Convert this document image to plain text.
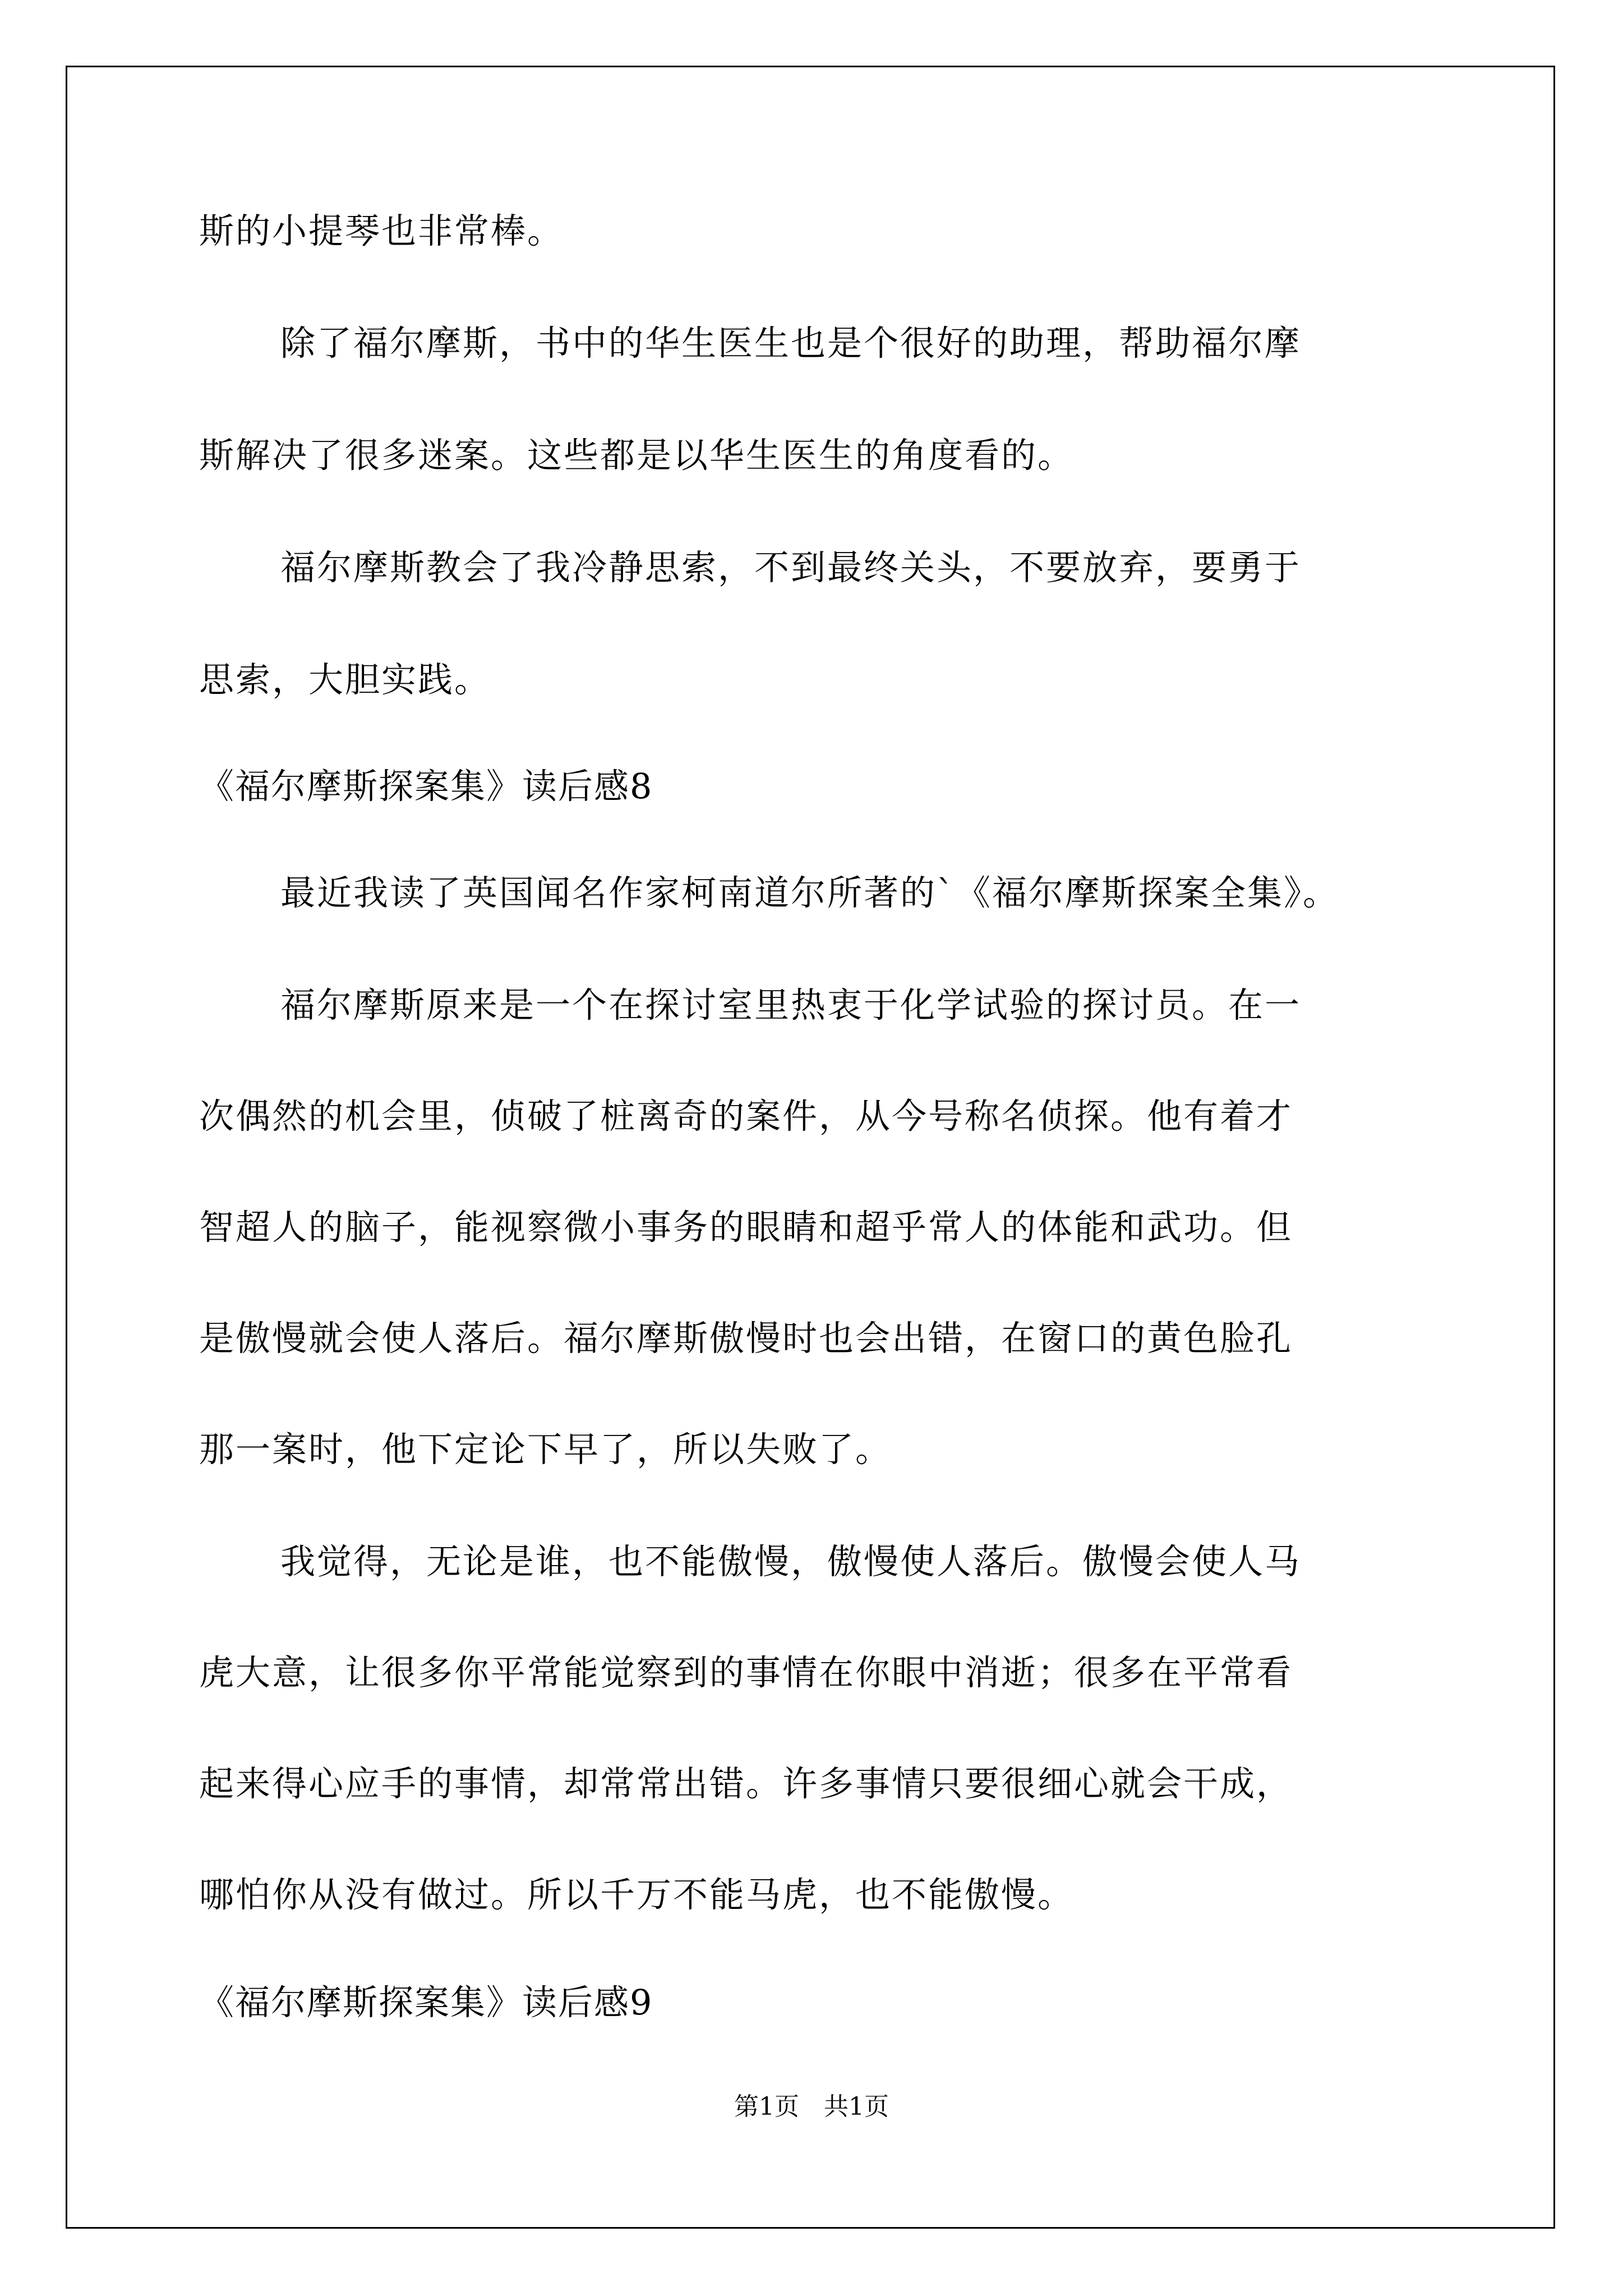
斯的小提琴也非常棒。
除了福尔摩斯，书中的华生医生也是个很好的助理，帮助福尔摩
斯解决了很多迷案。这些都是以华生医生的角度看的。
福尔摩斯教会了我冷静思索，不到最终关头，不要放弃，要勇于
思索，大胆实践。
《福尔摩斯探案集》读后感8
最近我读了英国闻名作家柯南道尔所著的`《福尔摩斯探案全集》。
福尔摩斯原来是一个在探讨室里热衷于化学试验的探讨员。在一
次偶然的机会里，侦破了桩离奇的案件，从今号称名侦探。他有着才
智超人的脑子，能视察微小事务的眼睛和超乎常人的体能和武功。但
是傲慢就会使人落后。福尔摩斯傲慢时也会出错，在窗口的黄色脸孔
那一案时，他下定论下早了，所以失败了。
我觉得，无论是谁，也不能傲慢，傲慢使人落后。傲慢会使人马
虎大意，让很多你平常能觉察到的事情在你眼中消逝；很多在平常看
起来得心应手的事情，却常常出错。许多事情只要很细心就会干成，
哪怕你从没有做过。所以千万不能马虎，也不能傲慢。
《福尔摩斯探案集》读后感9
第1页　共1页
